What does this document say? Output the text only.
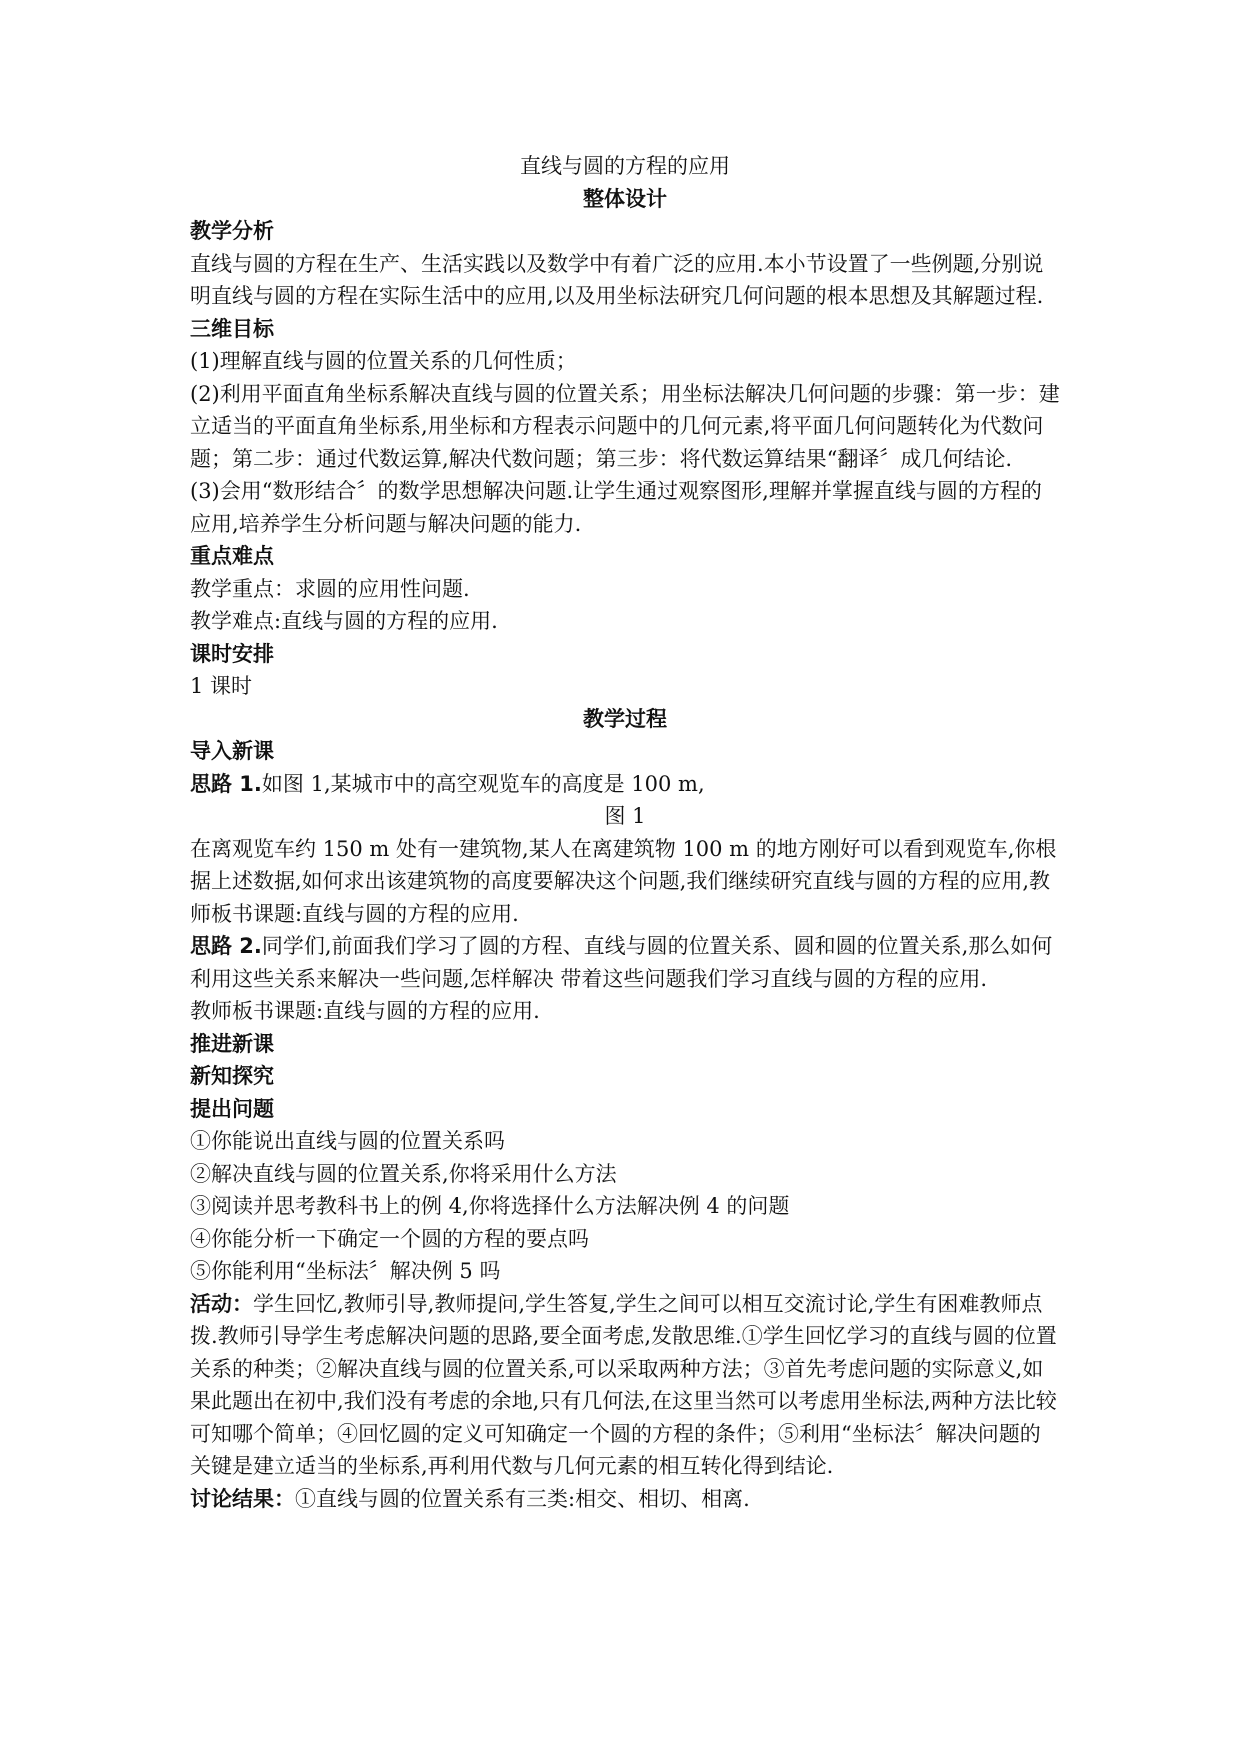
直线与圆的方程的应用

整体设计

教学分析

直线与圆的方程在生产、生活实践以及数学中有着广泛的应用.本小节设置了一些例题,分别说明直线与圆的方程在实际生活中的应用,以及用坐标法研究几何问题的根本思想及其解题过程.

三维目标

(1)理解直线与圆的位置关系的几何性质；

(2)利用平面直角坐标系解决直线与圆的位置关系；用坐标法解决几何问题的步骤：第一步：建立适当的平面直角坐标系,用坐标和方程表示问题中的几何元素,将平面几何问题转化为代数问题；第二步：通过代数运算,解决代数问题；第三步：将代数运算结果“翻译〞成几何结论.

(3)会用“数形结合〞的数学思想解决问题.让学生通过观察图形,理解并掌握直线与圆的方程的应用,培养学生分析问题与解决问题的能力.

重点难点

教学重点：求圆的应用性问题.

教学难点:直线与圆的方程的应用.

课时安排

1 课时

教学过程

导入新课

思路 1.如图 1,某城市中的高空观览车的高度是 100 m,

图 1

在离观览车约 150 m 处有一建筑物,某人在离建筑物 100 m 的地方刚好可以看到观览车,你根据上述数据,如何求出该建筑物的高度要解决这个问题,我们继续研究直线与圆的方程的应用,教师板书课题:直线与圆的方程的应用.

思路 2.同学们,前面我们学习了圆的方程、直线与圆的位置关系、圆和圆的位置关系,那么如何利用这些关系来解决一些问题,怎样解决 带着这些问题我们学习直线与圆的方程的应用.

教师板书课题:直线与圆的方程的应用.

推进新课

新知探究

提出问题

①你能说出直线与圆的位置关系吗

②解决直线与圆的位置关系,你将采用什么方法

③阅读并思考教科书上的例 4,你将选择什么方法解决例 4 的问题

④你能分析一下确定一个圆的方程的要点吗

⑤你能利用“坐标法〞解决例 5 吗

活动：学生回忆,教师引导,教师提问,学生答复,学生之间可以相互交流讨论,学生有困难教师点拨.教师引导学生考虑解决问题的思路,要全面考虑,发散思维.①学生回忆学习的直线与圆的位置关系的种类；②解决直线与圆的位置关系,可以采取两种方法；③首先考虑问题的实际意义,如果此题出在初中,我们没有考虑的余地,只有几何法,在这里当然可以考虑用坐标法,两种方法比较可知哪个简单；④回忆圆的定义可知确定一个圆的方程的条件；⑤利用“坐标法〞解决问题的关键是建立适当的坐标系,再利用代数与几何元素的相互转化得到结论.

讨论结果：①直线与圆的位置关系有三类:相交、相切、相离.
